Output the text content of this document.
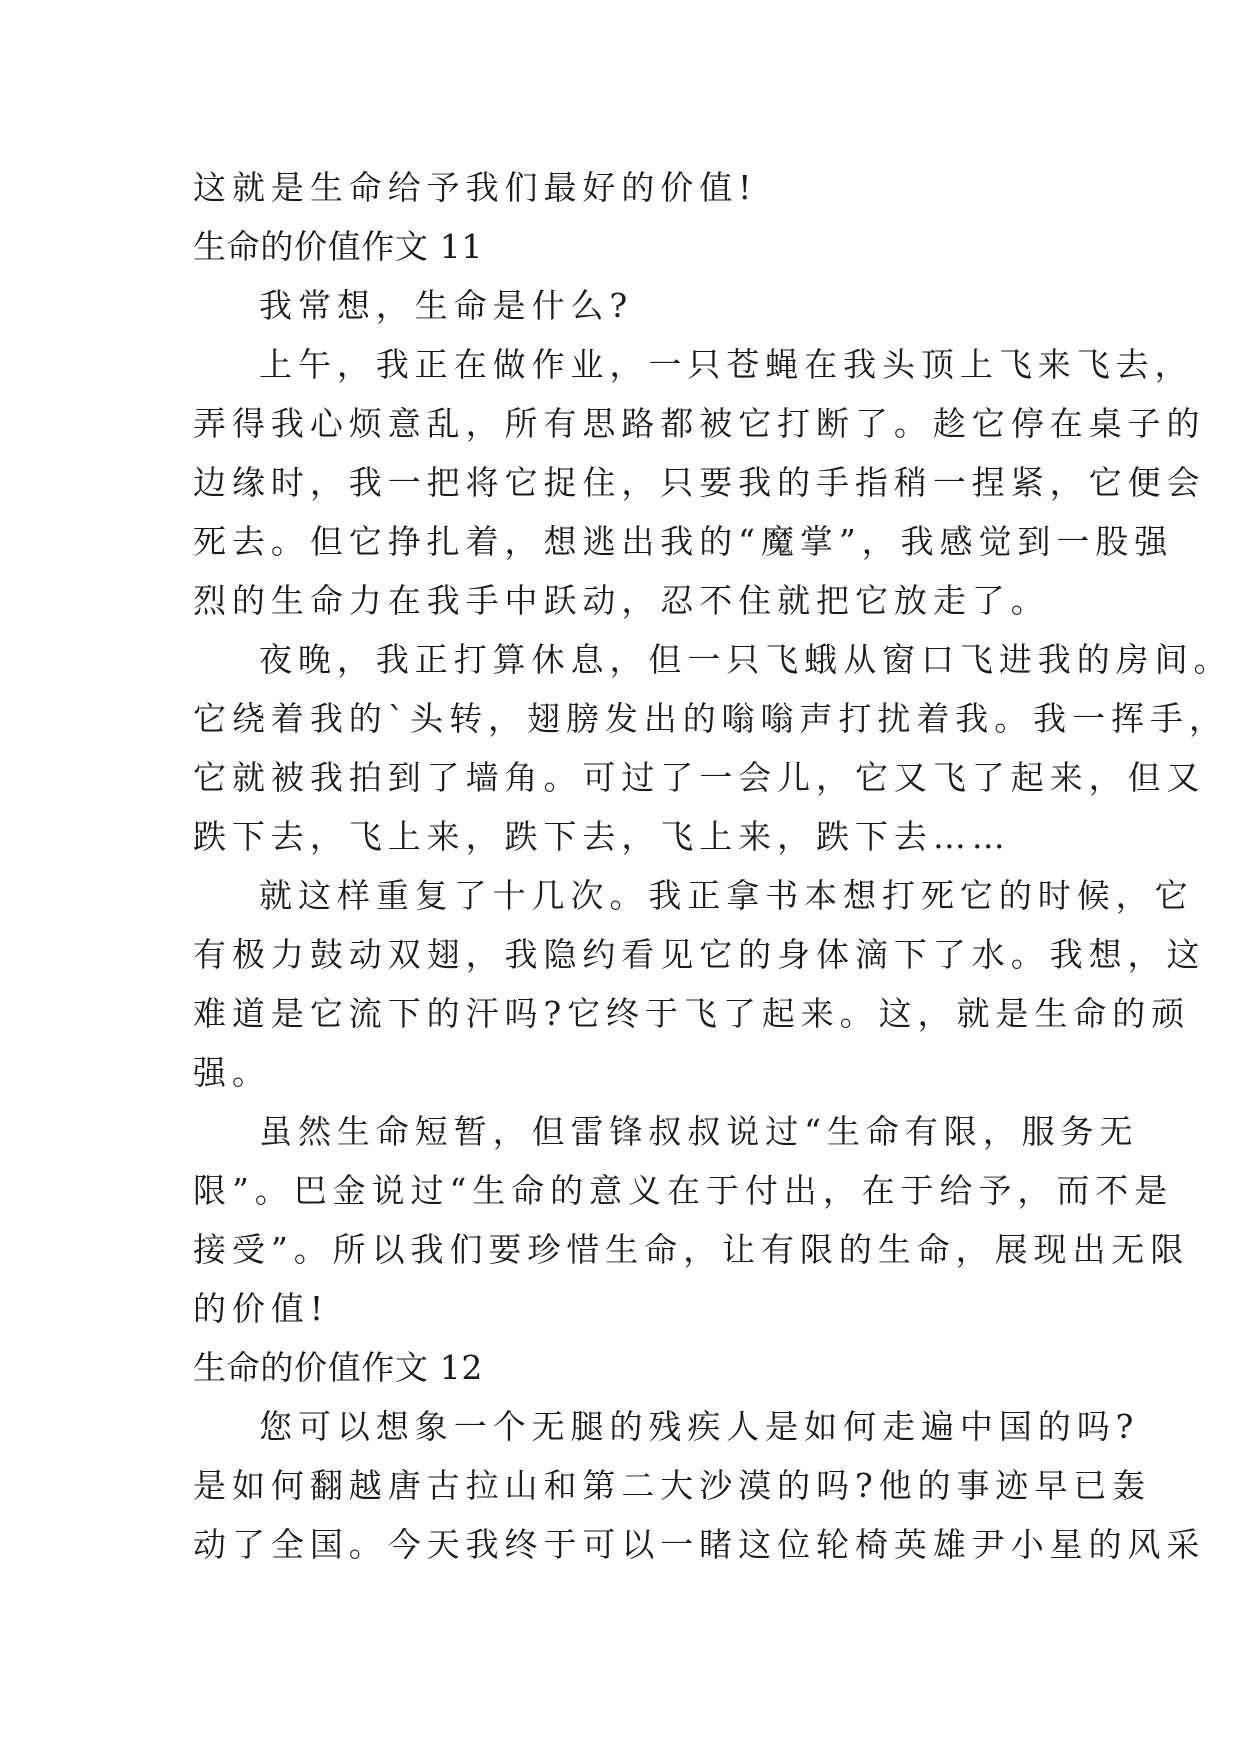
这就是生命给予我们最好的价值!
生命的价值作文 11
我常想，生命是什么?
上午，我正在做作业，一只苍蝇在我头顶上飞来飞去，
弄得我心烦意乱，所有思路都被它打断了。趁它停在桌子的
边缘时，我一把将它捉住，只要我的手指稍一捏紧，它便会
死去。但它挣扎着，想逃出我的“魔掌”，我感觉到一股强
烈的生命力在我手中跃动，忍不住就把它放走了。
夜晚，我正打算休息，但一只飞蛾从窗口飞进我的房间。
它绕着我的`头转，翅膀发出的嗡嗡声打扰着我。我一挥手，
它就被我拍到了墙角。可过了一会儿，它又飞了起来，但又
跌下去，飞上来，跌下去，飞上来，跌下去……
就这样重复了十几次。我正拿书本想打死它的时候，它
有极力鼓动双翅，我隐约看见它的身体滴下了水。我想，这
难道是它流下的汗吗?它终于飞了起来。这，就是生命的顽
强。
虽然生命短暂，但雷锋叔叔说过“生命有限，服务无
限”。巴金说过“生命的意义在于付出，在于给予，而不是
接受”。所以我们要珍惜生命，让有限的生命，展现出无限
的价值!
生命的价值作文 12
您可以想象一个无腿的残疾人是如何走遍中国的吗?
是如何翻越唐古拉山和第二大沙漠的吗?他的事迹早已轰
动了全国。今天我终于可以一睹这位轮椅英雄尹小星的风采
